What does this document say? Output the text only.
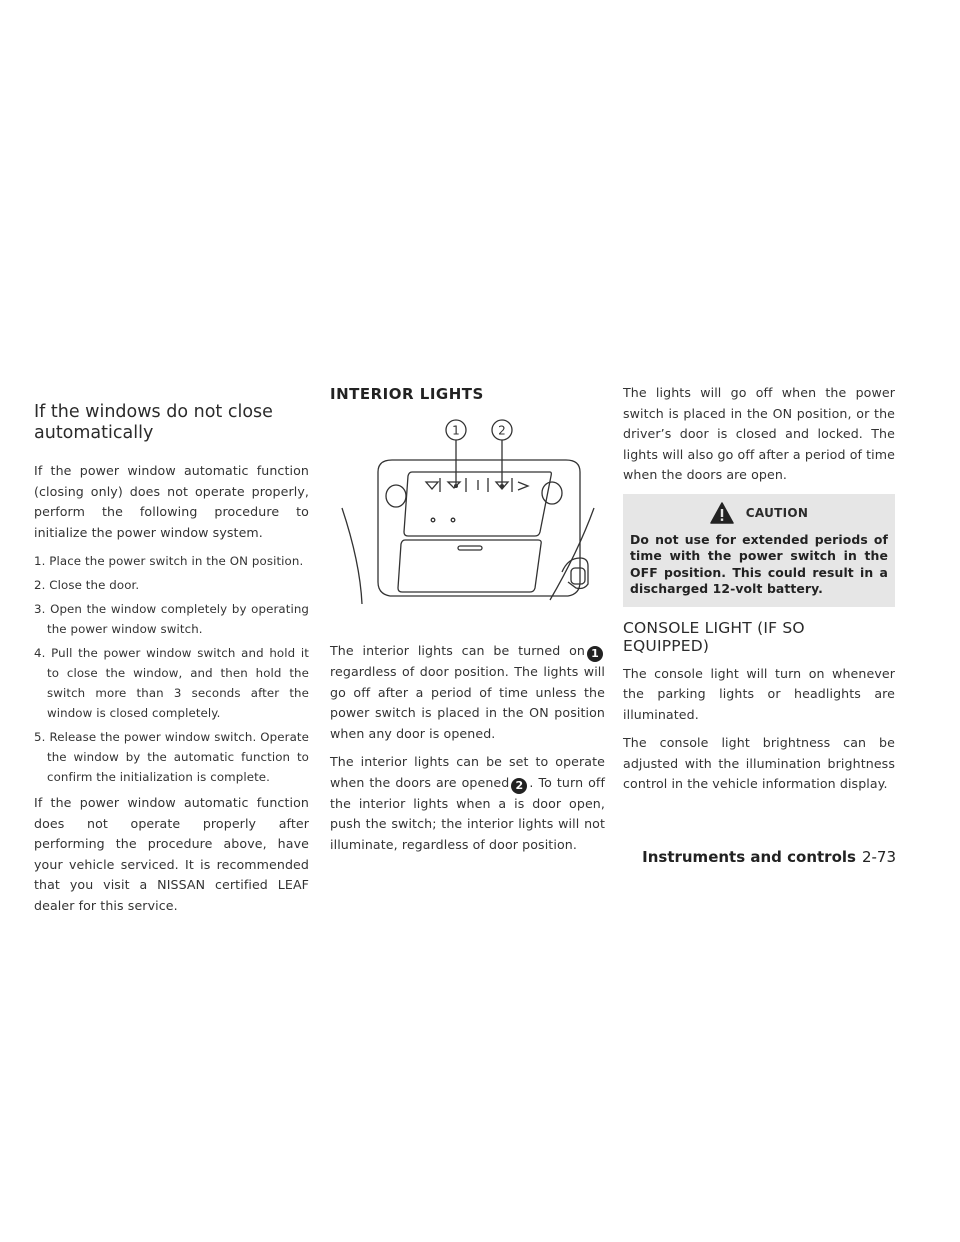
If the windows do not close automatically

If the power window automatic function (closing only) does not operate properly, perform the following procedure to initialize the power window system.

1. Place the power switch in the ON position.
2. Close the door.
3. Open the window completely by operating the power window switch.
4. Pull the power window switch and hold it to close the window, and then hold the switch more than 3 seconds after the window is closed completely.
5. Release the power window switch. Operate the window by the automatic function to confirm the initialization is complete.

If the power window automatic function does not operate properly after performing the procedure above, have your vehicle serviced. It is recommended that you visit a NISSAN certified LEAF dealer for this service.

INTERIOR LIGHTS
1	2

The interior lights can be turned on 1regardless of door position. The lights will go off after a period of time unless the power switch is placed in the ON position when any door is opened.

The interior lights can be set to operate when the doors are opened 2 . To turn off the interior lights when a is door open, push the switch; the interior lights will not illuminate, regardless of door position.

The lights will go off when the power switch is placed in the ON position, or the driver’s door is closed and locked. The lights will also go off after a period of time when the doors are open.

CAUTION

Do not use for extended periods of time with the power switch in the OFF position. This could result in a discharged 12-volt battery.

CONSOLE LIGHT (IF SO EQUIPPED)

The console light will turn on whenever the parking lights or headlights are illuminated.

The console light brightness can be adjusted with the illumination brightness control in the vehicle information display.

Instruments and controls 2-73
